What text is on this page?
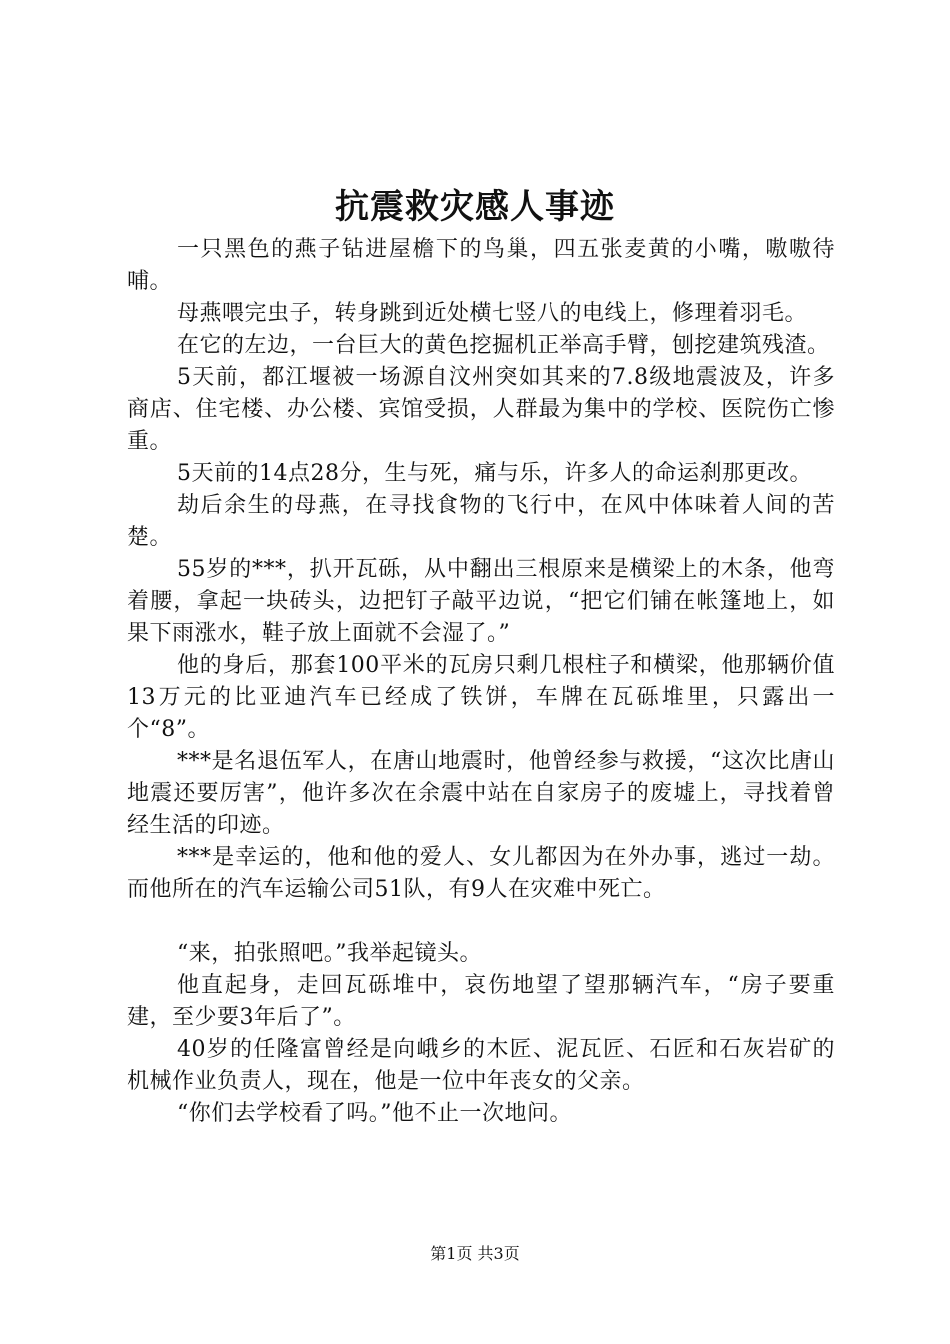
抗震救灾感人事迹

一只黑色的燕子钻进屋檐下的鸟巢，四五张麦黄的小嘴，嗷嗷待哺。

母燕喂完虫子，转身跳到近处横七竖八的电线上，修理着羽毛。

在它的左边，一台巨大的黄色挖掘机正举高手臂，刨挖建筑残渣。

5天前，都江堰被一场源自汶州突如其来的7.8级地震波及，许多商店、住宅楼、办公楼、宾馆受损，人群最为集中的学校、医院伤亡惨重。

5天前的14点28分，生与死，痛与乐，许多人的命运刹那更改。

劫后余生的母燕，在寻找食物的飞行中，在风中体味着人间的苦楚。

55岁的***，扒开瓦砾，从中翻出三根原来是横梁上的木条，他弯着腰，拿起一块砖头，边把钉子敲平边说，“把它们铺在帐篷地上，如果下雨涨水，鞋子放上面就不会湿了。”

他的身后，那套100平米的瓦房只剩几根柱子和横梁，他那辆价值13万元的比亚迪汽车已经成了铁饼，车牌在瓦砾堆里，只露出一个“8”。

***是名退伍军人，在唐山地震时，他曾经参与救援，“这次比唐山地震还要厉害”，他许多次在余震中站在自家房子的废墟上，寻找着曾经生活的印迹。

***是幸运的，他和他的爱人、女儿都因为在外办事，逃过一劫。而他所在的汽车运输公司51队，有9人在灾难中死亡。

“来，拍张照吧。”我举起镜头。

他直起身，走回瓦砾堆中，哀伤地望了望那辆汽车，“房子要重建，至少要3年后了”。

40岁的任隆富曾经是向峨乡的木匠、泥瓦匠、石匠和石灰岩矿的机械作业负责人，现在，他是一位中年丧女的父亲。

“你们去学校看了吗。”他不止一次地问。

第1页 共3页
